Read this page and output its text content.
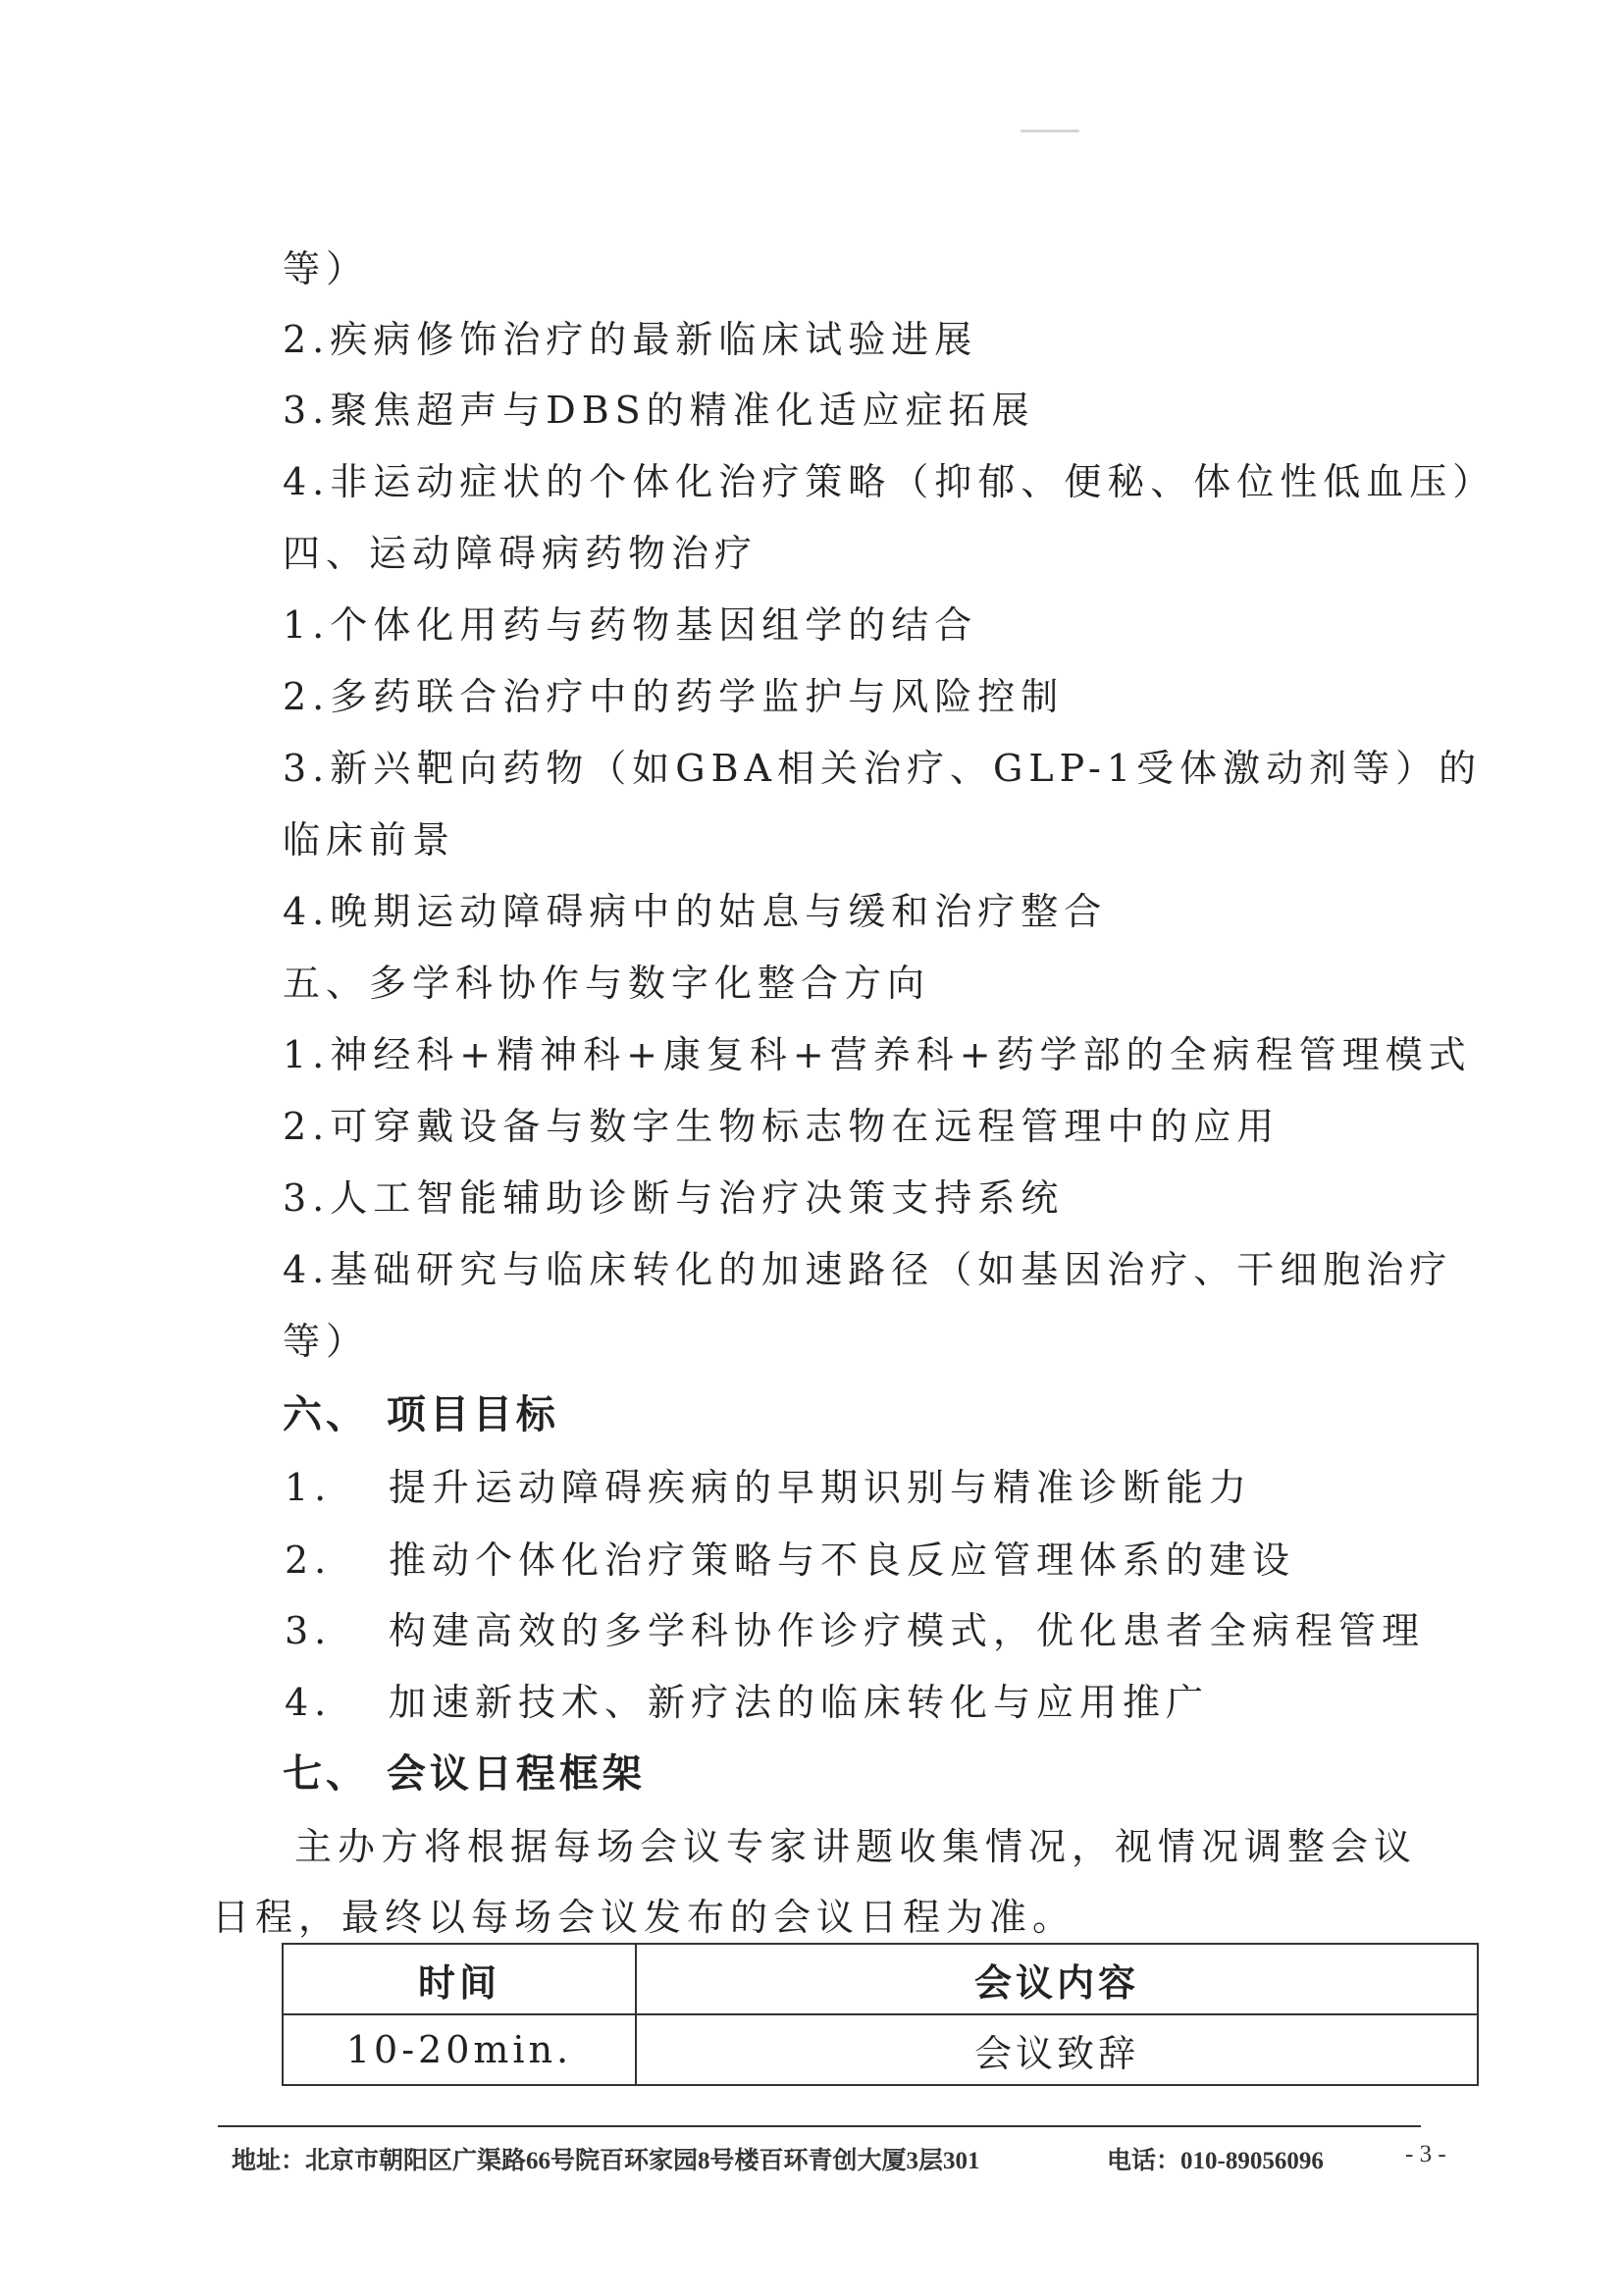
等）
2.疾病修饰治疗的最新临床试验进展
3.聚焦超声与DBS的精准化适应症拓展
4.非运动症状的个体化治疗策略（抑郁、便秘、体位性低血压）
四、运动障碍病药物治疗
1.个体化用药与药物基因组学的结合
2.多药联合治疗中的药学监护与风险控制
3.新兴靶向药物（如GBA相关治疗、GLP-1受体激动剂等）的
临床前景
4.晚期运动障碍病中的姑息与缓和治疗整合
五、多学科协作与数字化整合方向
1.神经科+精神科+康复科+营养科+药学部的全病程管理模式
2.可穿戴设备与数字生物标志物在远程管理中的应用
3.人工智能辅助诊断与治疗决策支持系统
4.基础研究与临床转化的加速路径（如基因治疗、干细胞治疗
等）
六、 项目目标
1. 提升运动障碍疾病的早期识别与精准诊断能力
2. 推动个体化治疗策略与不良反应管理体系的建设
3. 构建高效的多学科协作诊疗模式，优化患者全病程管理
4. 加速新技术、新疗法的临床转化与应用推广
七、 会议日程框架
主办方将根据每场会议专家讲题收集情况，视情况调整会议
日程，最终以每场会议发布的会议日程为准。
时间	会议内容
10-20min.	会议致辞
地址：北京市朝阳区广渠路66号院百环家园8号楼百环青创大厦3层301	电话：010-89056096	- 3 -
